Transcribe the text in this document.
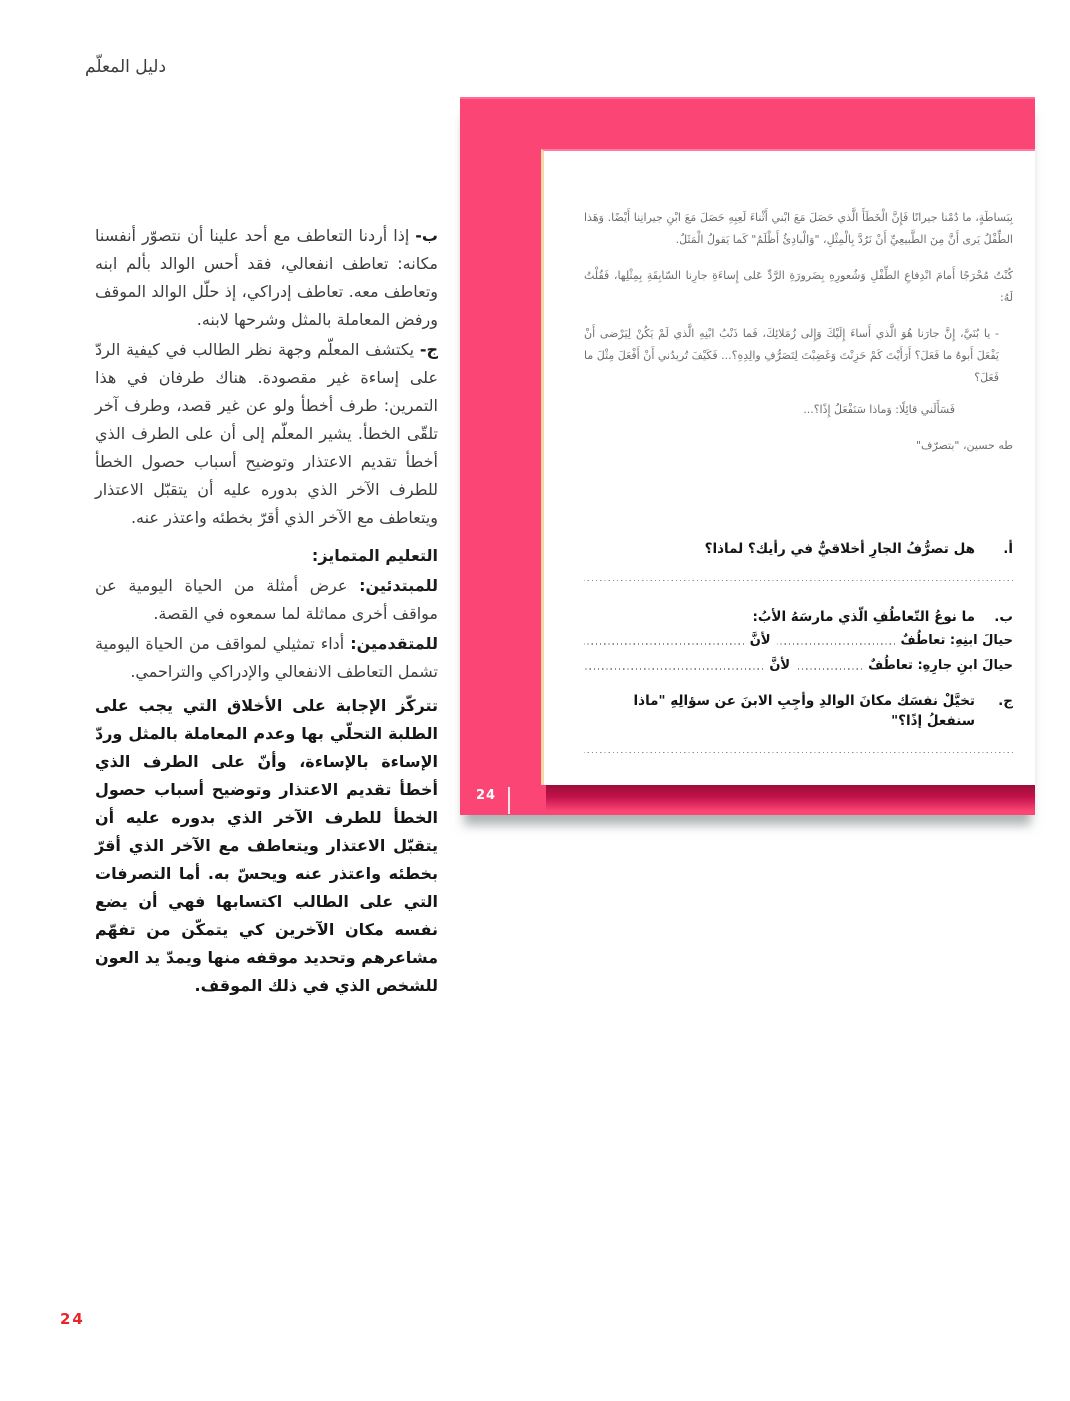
دليل المعلّم

ب- إذا أردنا التعاطف مع أحد علينا أن نتصوّر أنفسنا مكانه: تعاطف انفعالي، فقد أحس الوالد بألم ابنه وتعاطف معه. تعاطف إدراكي، إذ حلّل الوالد الموقف ورفض المعاملة بالمثل وشرحها لابنه.

ج- يكتشف المعلّم وجهة نظر الطالب في كيفية الردّ على إساءة غير مقصودة. هناك طرفان في هذا التمرين: طرف أخطأ ولو عن غير قصد، وطرف آخر تلقّى الخطأ. يشير المعلّم إلى أن على الطرف الذي أخطأ تقديم الاعتذار وتوضيح أسباب حصول الخطأ للطرف الآخر الذي بدوره عليه أن يتقبّل الاعتذار ويتعاطف مع الآخر الذي أقرّ بخطئه واعتذر عنه.

التعليم المتمايز:

للمبتدئين: عرض أمثلة من الحياة اليومية عن مواقف أخرى مماثلة لما سمعوه في القصة.

للمتقدمين: أداء تمثيلي لمواقف من الحياة اليومية تشمل التعاطف الانفعالي والإدراكي والتراحمي.

تتركّز الإجابة على الأخلاق التي يجب على الطلبة التحلّي بها وعدم المعاملة بالمثل وردّ الإساءة بالإساءة، وأنّ على الطرف الذي أخطأ تقديم الاعتذار وتوضيح أسباب حصول الخطأ للطرف الآخر الذي بدوره عليه أن يتقبّل الاعتذار ويتعاطف مع الآخر الذي أقرّ بخطئه واعتذر عنه ويحسّ به. أما التصرفات التي على الطالب اكتسابها فهي أن يضع نفسه مكان الآخرين كي يتمكّن من تفهّم مشاعرهم وتحديد موقفه منها ويمدّ يد العون للشخص الذي في ذلك الموقف.

24

بِبَساطَةٍ، ما دُمْنا جيرانًا فَإِنَّ الْخَطَأَ الَّذي حَصَلَ مَعَ ابْني أَثْناءَ لَعِبِهِ حَصَلَ مَعَ ابْنِ جيرانِنا أَيْضًا. وَهَذا الطِّفْلُ يَرى أَنَّ مِنَ الطَّبيعِيِّ أَنْ نَرُدَّ بِالْمِثْلِ، "وَالْبادِئُ أَظْلَمُ" كَما يَقولُ الْمَثَلُ.

كُنْتُ مُحْرَجًا أَمامَ انْدِفاعِ الطِّفْلِ وَشُعورِهِ بِضَرورَةِ الرَّدِّ عَلى إِساءَةِ جارِنا السّابِقَةِ بِمِثْلِها، فَقُلْتُ لَهُ:

- يا بُنَيَّ، إِنَّ جارَنا هُوَ الَّذي أَساءَ إِلَيْكَ وَإِلى زُمَلائِكَ، فَما ذَنْبُ ابْنِهِ الَّذي لَمْ يَكُنْ لِيَرْضى أَنْ يَفْعَلَ أَبوهُ ما فَعَلَ؟ أَرَأَيْتَ كَمْ حَزِنْتَ وَغَضِبْتَ لِتَصَرُّفِ والِدِهِ؟... فَكَيْفَ تُريدُني أَنْ أَفْعَلَ مِثْلَ ما فَعَلَ؟

فَسَأَلَني قائِلًا: وَماذا سَنَفْعَلُ إِذًا؟...

طه حسين، "بتصرّف"

أ.
هل تصرُّفُ الجارِ أخلاقيٌّ في رأيك؟ لماذا؟
ب.
ما نوعُ التّعاطُفِ الّذي مارسَهُ الأبُ:
حيالَ ابنِهِ: تعاطُفٌ
لأنَّ
حيالَ ابنِ جارِهِ: تعاطُفٌ
لأنَّ
ج.
تخيَّلْ نفسَك مكانَ الوالدِ وأجِبِ الابنَ عن سؤالِهِ "ماذا سنفعلُ إذًا؟"
24
